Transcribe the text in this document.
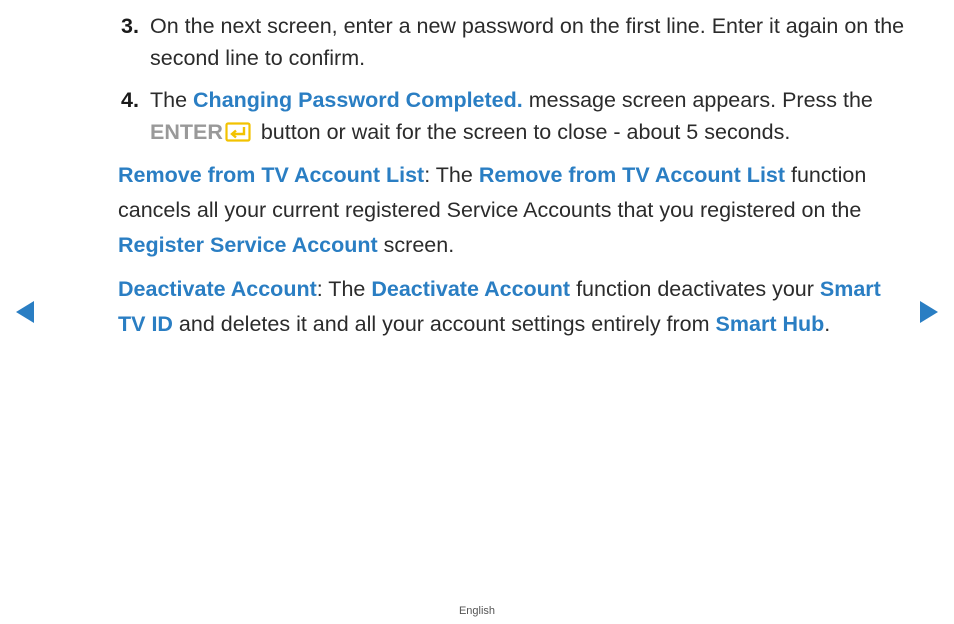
3. On the next screen, enter a new password on the first line. Enter it again on the second line to confirm.
4. The Changing Password Completed. message screen appears. Press the
ENTER button or wait for the screen to close - about 5 seconds.
Remove from TV Account List: The Remove from TV Account List function cancels all your current registered Service Accounts that you registered on the Register Service Account screen.
Deactivate Account: The Deactivate Account function deactivates your Smart TV ID and deletes it and all your account settings entirely from Smart Hub.
English
